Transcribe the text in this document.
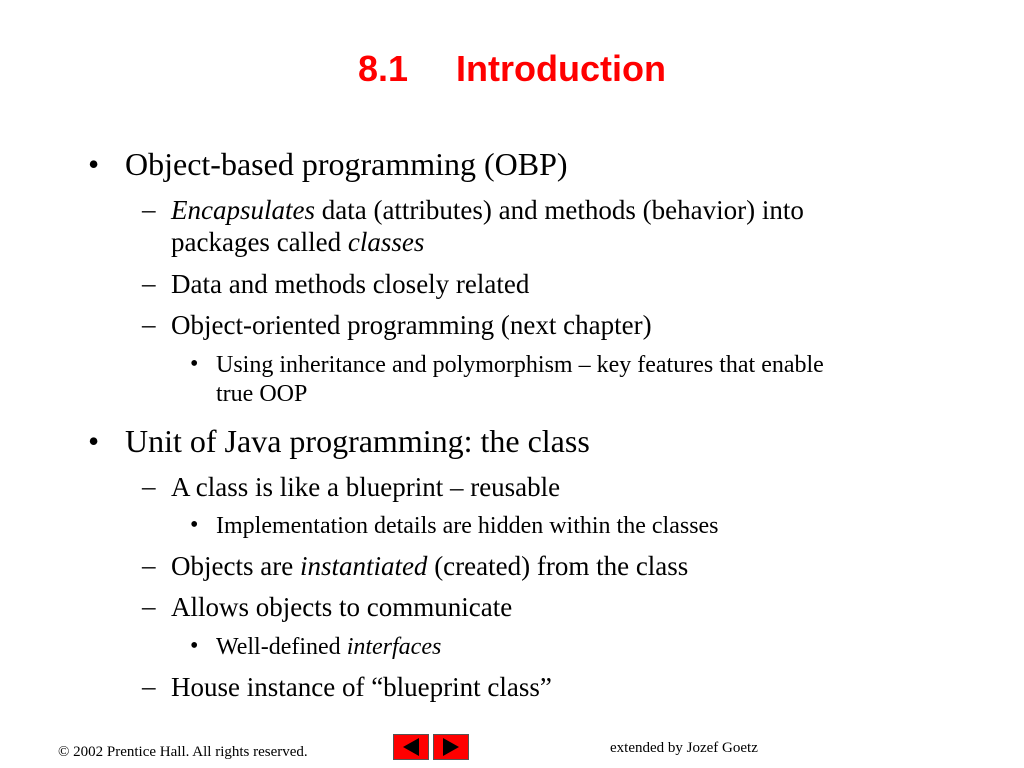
8.1 Introduction
• Object-based programming (OBP)
– Encapsulates data (attributes) and methods (behavior) into
packages called classes
– Data and methods closely related
– Object-oriented programming (next chapter)
• Using inheritance and polymorphism – key features that enable
true OOP
• Unit of Java programming: the class
– A class is like a blueprint – reusable
• Implementation details are hidden within the classes
– Objects are instantiated (created) from the class
– Allows objects to communicate
• Well-defined interfaces
– House instance of “blueprint class”
© 2002 Prentice Hall. All rights reserved.	extended by Jozef Goetz
